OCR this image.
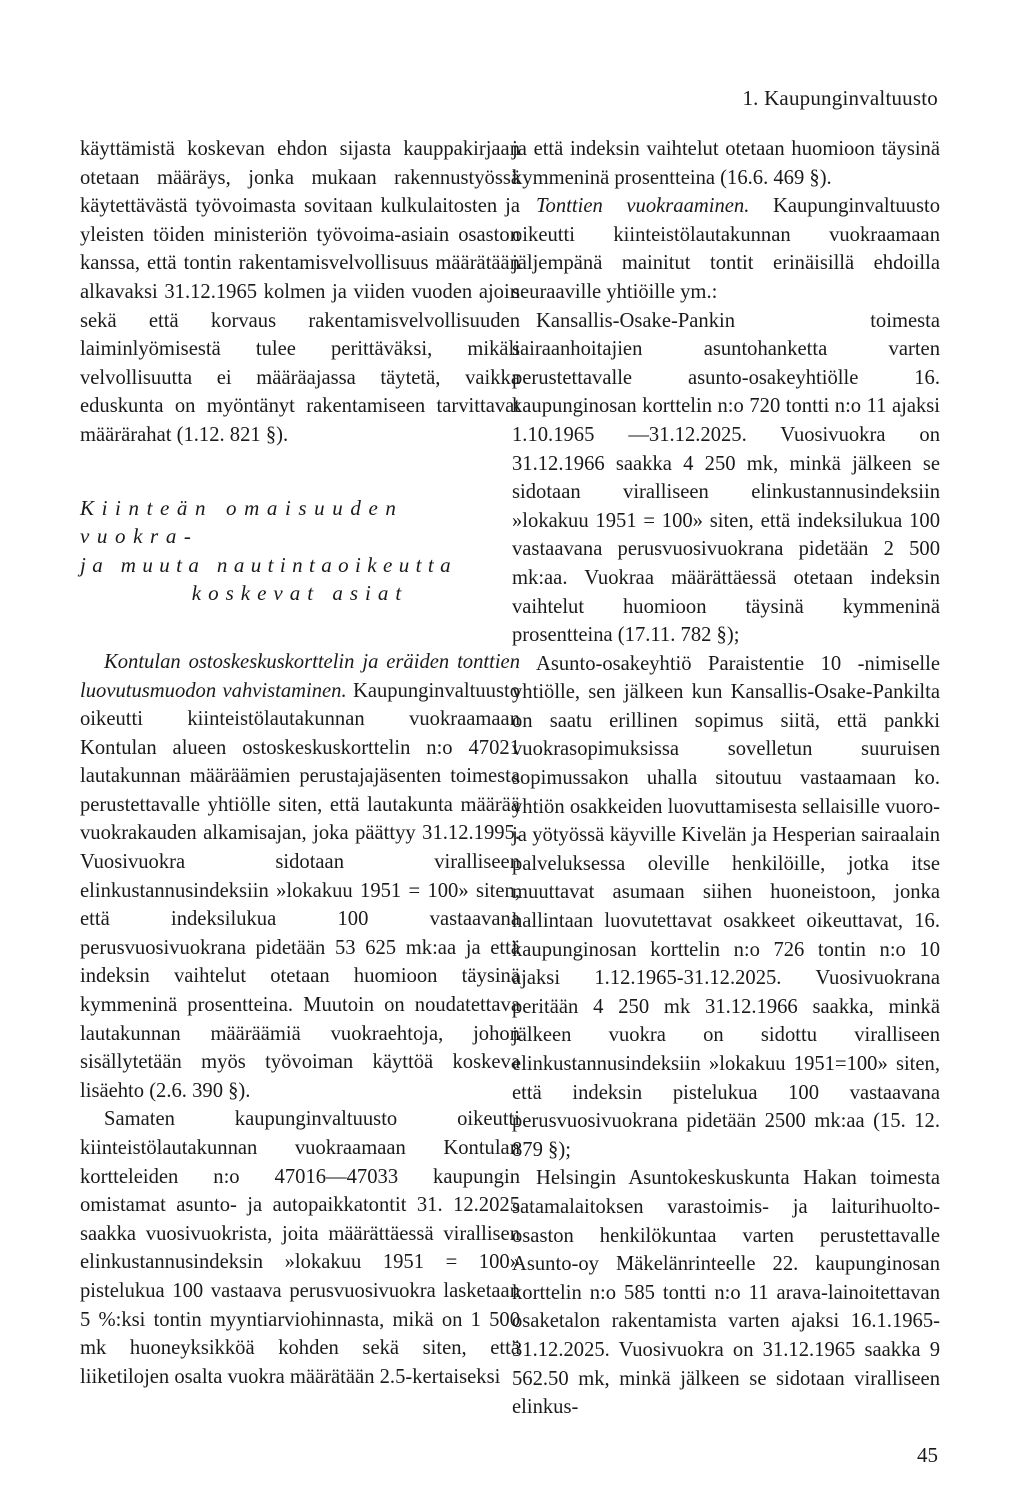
1. Kaupunginvaltuusto

käyttämistä koskevan ehdon sijasta kauppakirjaan otetaan määräys, jonka mukaan rakennustyössä käytettävästä työvoimasta sovitaan kulkulaitosten ja yleisten töiden ministeriön työvoima-asiain osaston kanssa, että tontin rakentamisvelvollisuus määrätään alkavaksi 31.12.1965 kolmen ja viiden vuoden ajoin sekä että korvaus rakentamisvelvollisuuden laiminlyömisestä tulee perittäväksi, mikäli velvollisuutta ei määräajassa täytetä, vaikka eduskunta on myöntänyt rakentamiseen tarvittavat määrärahat (1.12. 821 §).

Kiinteän omaisuuden vuokra-
ja muuta nautintaoikeutta
koskevat asiat

Kontulan ostoskeskuskorttelin ja eräiden tonttien luovutusmuodon vahvistaminen. Kaupunginvaltuusto oikeutti kiinteistölautakunnan vuokraamaan Kontulan alueen ostoskeskuskorttelin n:o 47021 lautakunnan määräämien perustajajäsenten toimesta perustettavalle yhtiölle siten, että lautakunta määrää vuokrakauden alkamisajan, joka päättyy 31.12.1995. Vuosivuokra sidotaan viralliseen elinkustannusindeksiin »lokakuu 1951 = 100» siten, että indeksilukua 100 vastaavana perusvuosivuokrana pidetään 53 625 mk:aa ja että indeksin vaihtelut otetaan huomioon täysinä kymmeninä prosentteina. Muutoin on noudatettava lautakunnan määräämiä vuokraehtoja, johon sisällytetään myös työvoiman käyttöä koskeva lisäehto (2.6. 390 §).

Samaten kaupunginvaltuusto oikeutti kiinteistölautakunnan vuokraamaan Kontulan kortteleiden n:o 47016—47033 kaupungin omistamat asunto- ja autopaikkatontit 31. 12.2025 saakka vuosivuokrista, joita määrättäessä virallisen elinkustannusindeksin »lokakuu 1951 = 100» pistelukua 100 vastaava perusvuosivuokra lasketaan 5 %:ksi tontin myyntiarviohinnasta, mikä on 1 500 mk huoneyksikköä kohden sekä siten, että liiketilojen osalta vuokra määrätään 2.5-kertaiseksi

ja että indeksin vaihtelut otetaan huomioon täysinä kymmeninä prosentteina (16.6. 469 §).

Tonttien vuokraaminen. Kaupunginvaltuusto oikeutti kiinteistölautakunnan vuokraamaan jäljempänä mainitut tontit erinäisillä ehdoilla seuraaville yhtiöille ym.:

Kansallis-Osake-Pankin toimesta sairaanhoitajien asuntohanketta varten perustettavalle asunto-osakeyhtiölle 16. kaupunginosan korttelin n:o 720 tontti n:o 11 ajaksi 1.10.1965 —31.12.2025. Vuosivuokra on 31.12.1966 saakka 4 250 mk, minkä jälkeen se sidotaan viralliseen elinkustannusindeksiin »lokakuu 1951 = 100» siten, että indeksilukua 100 vastaavana perusvuosivuokrana pidetään 2 500 mk:aa. Vuokraa määrättäessä otetaan indeksin vaihtelut huomioon täysinä kymmeninä prosentteina (17.11. 782 §);

Asunto-osakeyhtiö Paraistentie 10 -nimiselle yhtiölle, sen jälkeen kun Kansallis-Osake-Pankilta on saatu erillinen sopimus siitä, että pankki vuokrasopimuksissa sovelletun suuruisen sopimussakon uhalla sitoutuu vastaamaan ko. yhtiön osakkeiden luovuttamisesta sellaisille vuoro- ja yötyössä käyville Kivelän ja Hesperian sairaalain palveluksessa oleville henkilöille, jotka itse muuttavat asumaan siihen huoneistoon, jonka hallintaan luovutettavat osakkeet oikeuttavat, 16. kaupunginosan korttelin n:o 726 tontin n:o 10 ajaksi 1.12.1965-31.12.2025. Vuosivuokrana peritään 4 250 mk 31.12.1966 saakka, minkä jälkeen vuokra on sidottu viralliseen elinkustannusindeksiin »lokakuu 1951=100» siten, että indeksin pistelukua 100 vastaavana perusvuosivuokrana pidetään 2500 mk:aa (15. 12. 879 §);

Helsingin Asuntokeskuskunta Hakan toimesta satamalaitoksen varastoimis- ja laiturihuolto-osaston henkilökuntaa varten perustettavalle Asunto-oy Mäkelänrinteelle 22. kaupunginosan korttelin n:o 585 tontti n:o 11 arava-lainoitettavan osaketalon rakentamista varten ajaksi 16.1.1965-31.12.2025. Vuosivuokra on 31.12.1965 saakka 9 562.50 mk, minkä jälkeen se sidotaan viralliseen elinkus-

45
